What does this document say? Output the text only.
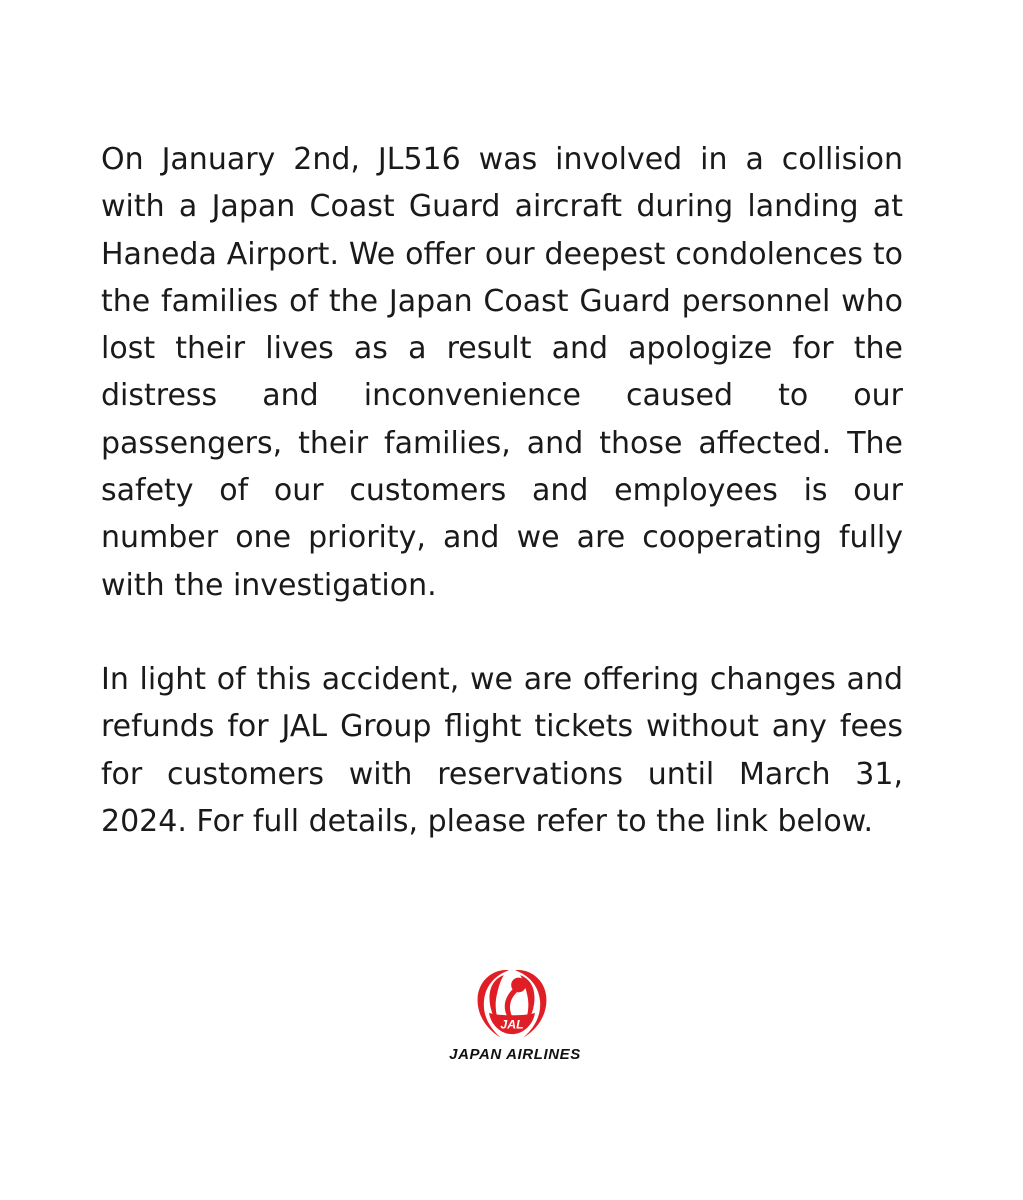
On January 2nd, JL516 was involved in a collision with a Japan Coast Guard aircraft during landing at Haneda Airport. We offer our deepest condolences to the families of the Japan Coast Guard personnel who lost their lives as a result and apologize for the distress and inconvenience caused to our passengers, their families, and those affected. The safety of our customers and employees is our number one priority, and we are cooperating fully with the investigation.

In light of this accident, we are offering changes and refunds for JAL Group flight tickets without any fees for customers with reservations until March 31, 2024. For full details, please refer to the link below.

JAL
JAPAN AIRLINES
